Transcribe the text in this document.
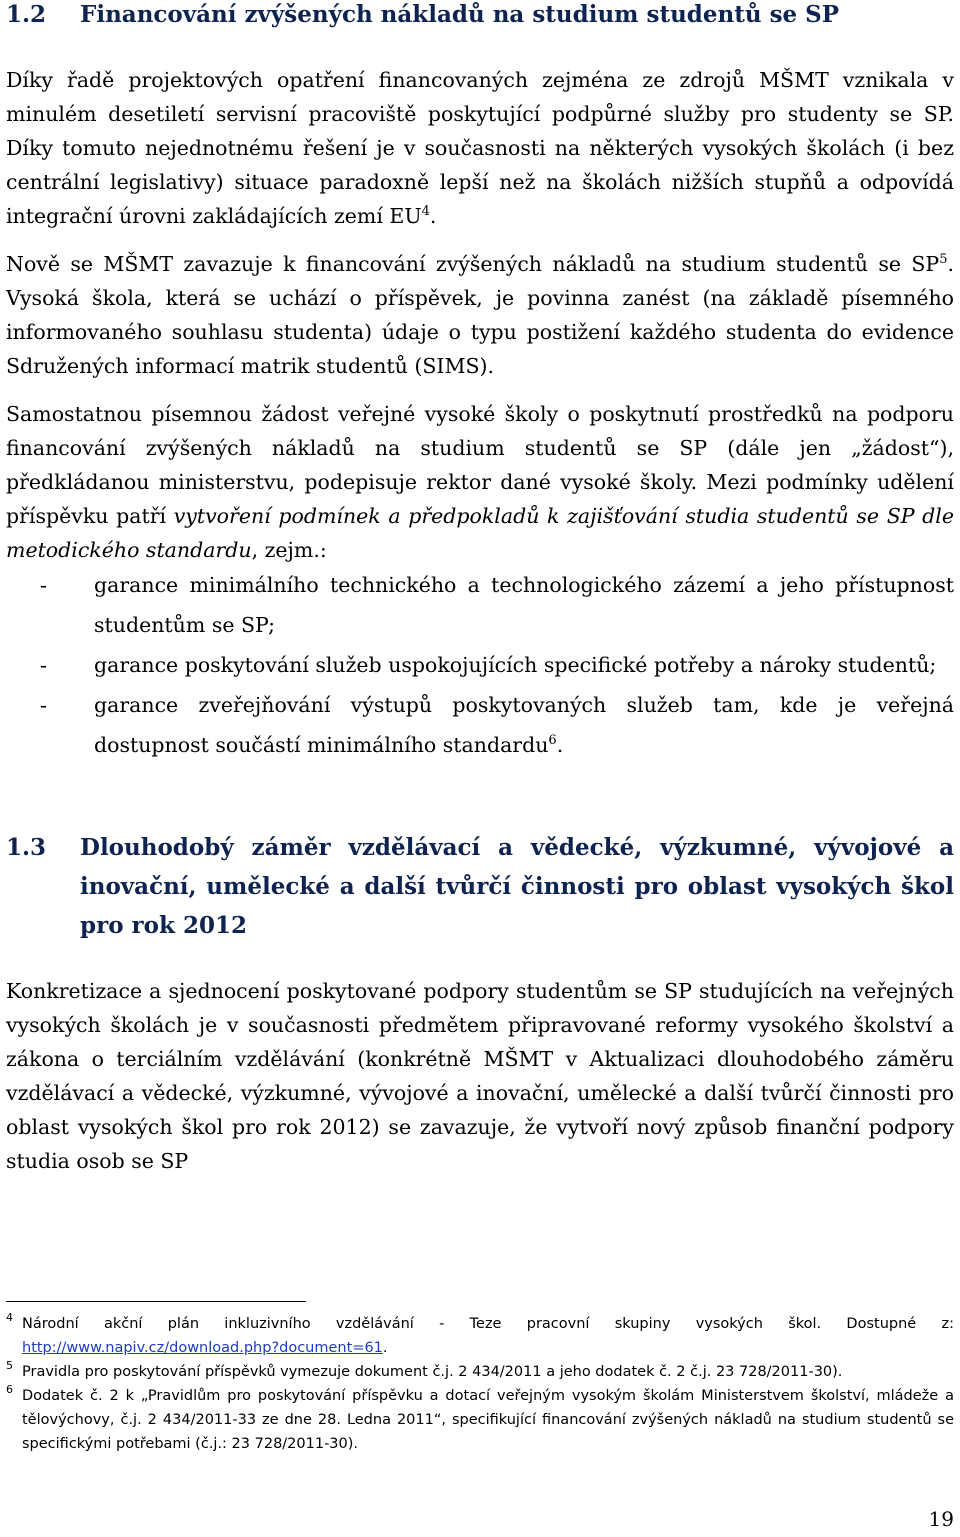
1.2 Financování zvýšených nákladů na studium studentů se SP

Díky řadě projektových opatření financovaných zejména ze zdrojů MŠMT vznikala v minulém desetiletí servisní pracoviště poskytující podpůrné služby pro studenty se SP. Díky tomuto nejednotnému řešení je v současnosti na některých vysokých školách (i bez centrální legislativy) situace paradoxně lepší než na školách nižších stupňů a odpovídá integrační úrovni zakládajících zemí $EU^4$.

Nově se MŠMT zavazuje k financování zvýšených nákladů na studium studentů se $SP^5$. Vysoká škola, která se uchází o příspěvek, je povinna zanést (na základě písemného informovaného souhlasu studenta) údaje o typu postižení každého studenta do evidence Sdružených informací matrik studentů (SIMS).

Samostatnou písemnou žádost veřejné vysoké školy o poskytnutí prostředků na podporu financování zvýšených nákladů na studium studentů se SP (dále jen „žádost“), předkládanou ministerstvu, podepisuje rektor dané vysoké školy. Mezi podmínky udělení příspěvku patří vytvoření podmínek a předpokladů k zajišťování studia studentů se SP dle metodického standardu, zejm.:

- garance minimálního technického a technologického zázemí a jeho přístupnost studentům se SP;
- garance poskytování služeb uspokojujících specifické potřeby a nároky studentů;
- garance zveřejňování výstupů poskytovaných služeb tam, kde je veřejná dostupnost součástí minimálního standardu$^6$.
1.3 Dlouhodobý záměr vzdělávací a vědecké, výzkumné, vývojové a inovační, umělecké a další tvůrčí činnosti pro oblast vysokých škol pro rok 2012

Konkretizace a sjednocení poskytované podpory studentům se SP studujících na veřejných vysokých školách je v současnosti předmětem připravované reformy vysokého školství a zákona o terciálním vzdělávání (konkrétně MŠMT v Aktualizaci dlouhodobého záměru vzdělávací a vědecké, výzkumné, vývojové a inovační, umělecké a další tvůrčí činnosti pro oblast vysokých škol pro rok 2012) se zavazuje, že vytvoří nový způsob finanční podpory studia osob se SP

4 Národní akční plán inkluzivního vzdělávání - Teze pracovní skupiny vysokých škol. Dostupné z: http://www.napiv.cz/download.php?document=61.
5 Pravidla pro poskytování příspěvků vymezuje dokument č.j. 2 434/2011 a jeho dodatek č. 2 č.j. 23 728/2011-30).
6 Dodatek č. 2 k „Pravidlům pro poskytování příspěvku a dotací veřejným vysokým školám Ministerstvem školství, mládeže a tělovýchovy, č.j. 2 434/2011-33 ze dne 28. Ledna 2011“, specifikující financování zvýšených nákladů na studium studentů se specifickými potřebami (č.j.: 23 728/2011-30).
19
